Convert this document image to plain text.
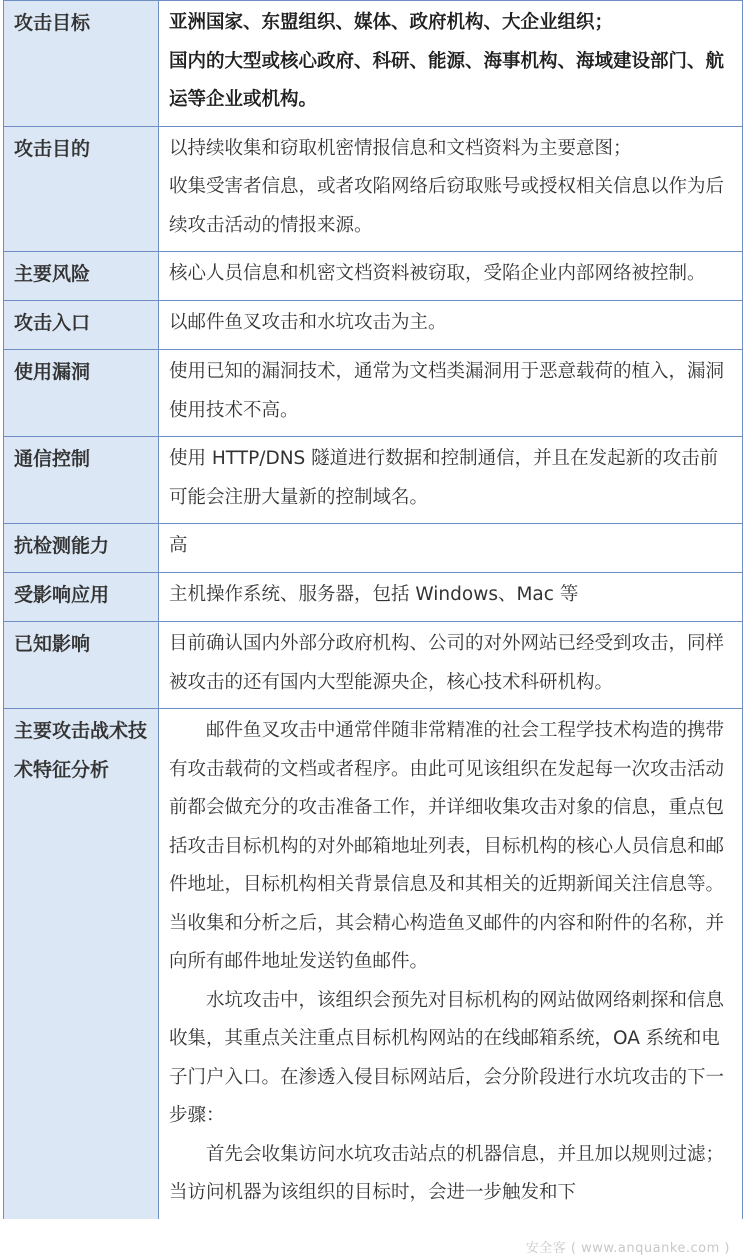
攻击目标	亚洲国家、东盟组织、媒体、政府机构、大企业组织；
国内的大型或核心政府、科研、能源、海事机构、海域建设部门、航运等企业或机构。

攻击目的	以持续收集和窃取机密情报信息和文档资料为主要意图；
收集受害者信息，或者攻陷网络后窃取账号或授权相关信息以作为后续攻击活动的情报来源。

主要风险	核心人员信息和机密文档资料被窃取，受陷企业内部网络被控制。

攻击入口	以邮件鱼叉攻击和水坑攻击为主。

使用漏洞	使用已知的漏洞技术，通常为文档类漏洞用于恶意载荷的植入，漏洞使用技术不高。

通信控制	使用 HTTP/DNS 隧道进行数据和控制通信，并且在发起新的攻击前可能会注册大量新的控制域名。

抗检测能力	高

受影响应用	主机操作系统、服务器，包括 Windows、Mac 等

已知影响	目前确认国内外部分政府机构、公司的对外网站已经受到攻击，同样被攻击的还有国内大型能源央企，核心技术科研机构。

主要攻击战术技术特征分析	邮件鱼叉攻击中通常伴随非常精准的社会工程学技术构造的携带有攻击载荷的文档或者程序。由此可见该组织在发起每一次攻击活动前都会做充分的攻击准备工作，并详细收集攻击对象的信息，重点包括攻击目标机构的对外邮箱地址列表，目标机构的核心人员信息和邮件地址，目标机构相关背景信息及和其相关的近期新闻关注信息等。当收集和分析之后，其会精心构造鱼叉邮件的内容和附件的名称，并向所有邮件地址发送钓鱼邮件。
水坑攻击中，该组织会预先对目标机构的网站做网络刺探和信息收集，其重点关注重点目标机构网站的在线邮箱系统，OA 系统和电子门户入口。在渗透入侵目标网站后，会分阶段进行水坑攻击的下一步骤：
首先会收集访问水坑攻击站点的机器信息，并且加以规则过滤；当访问机器为该组织的目标时，会进一步触发和下
安全客 ( www.anquanke.com )
